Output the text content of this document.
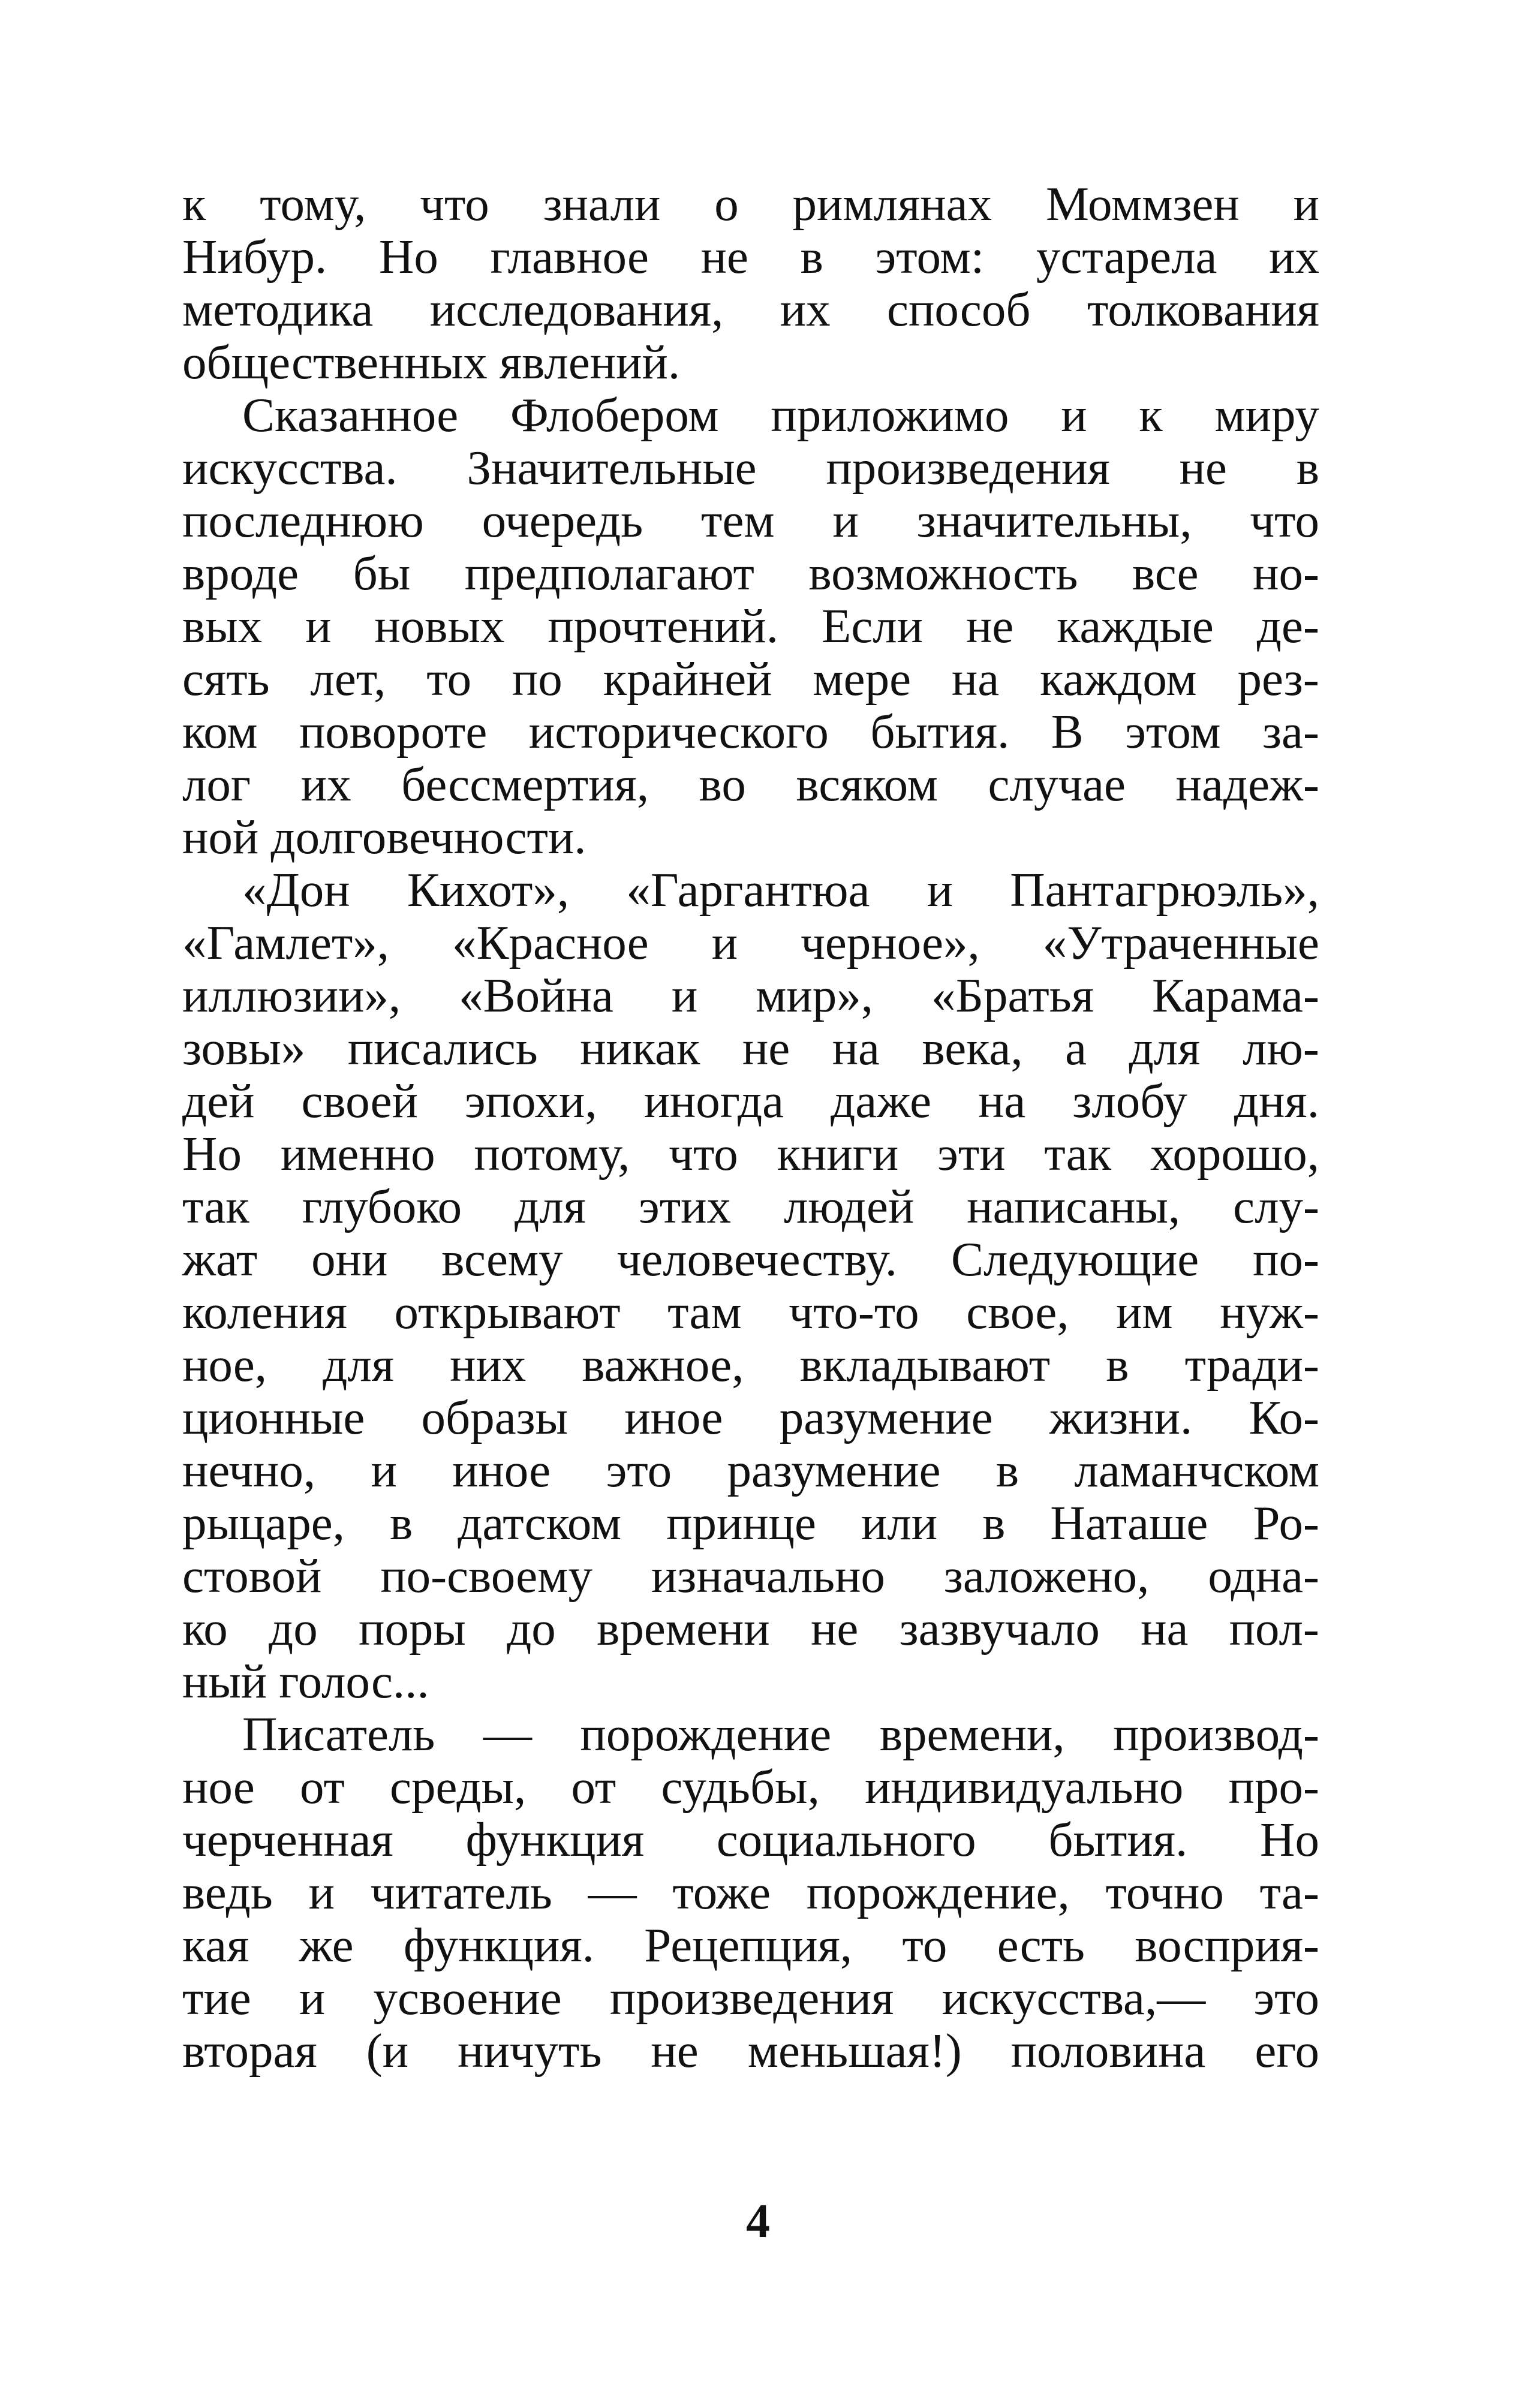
к тому, что знали о римлянах Моммзен и
Нибур. Но главное не в этом: устарела их
методика исследования, их способ толкования
общественных явлений.
Сказанное Флобером приложимо и к миру
искусства. Значительные произведения не в
последнюю очередь тем и значительны, что
вроде бы предполагают возможность все но-
вых и новых прочтений. Если не каждые де-
сять лет, то по крайней мере на каждом рез-
ком повороте исторического бытия. В этом за-
лог их бессмертия, во всяком случае надеж-
ной долговечности.
«Дон Кихот», «Гаргантюа и Пантагрюэль»,
«Гамлет», «Красное и черное», «Утраченные
иллюзии», «Война и мир», «Братья Карама-
зовы» писались никак не на века, а для лю-
дей своей эпохи, иногда даже на злобу дня.
Но именно потому, что книги эти так хорошо,
так глубоко для этих людей написаны, слу-
жат они всему человечеству. Следующие по-
коления открывают там что-то свое, им нуж-
ное, для них важное, вкладывают в тради-
ционные образы иное разумение жизни. Ко-
нечно, и иное это разумение в ламанчском
рыцаре, в датском принце или в Наташе Ро-
стовой по-своему изначально заложено, одна-
ко до поры до времени не зазвучало на пол-
ный голос...
Писатель — порождение времени, производ-
ное от среды, от судьбы, индивидуально про-
черченная функция социального бытия. Но
ведь и читатель — тоже порождение, точно та-
кая же функция. Рецепция, то есть восприя-
тие и усвоение произведения искусства,— это
вторая (и ничуть не меньшая!) половина его
4
